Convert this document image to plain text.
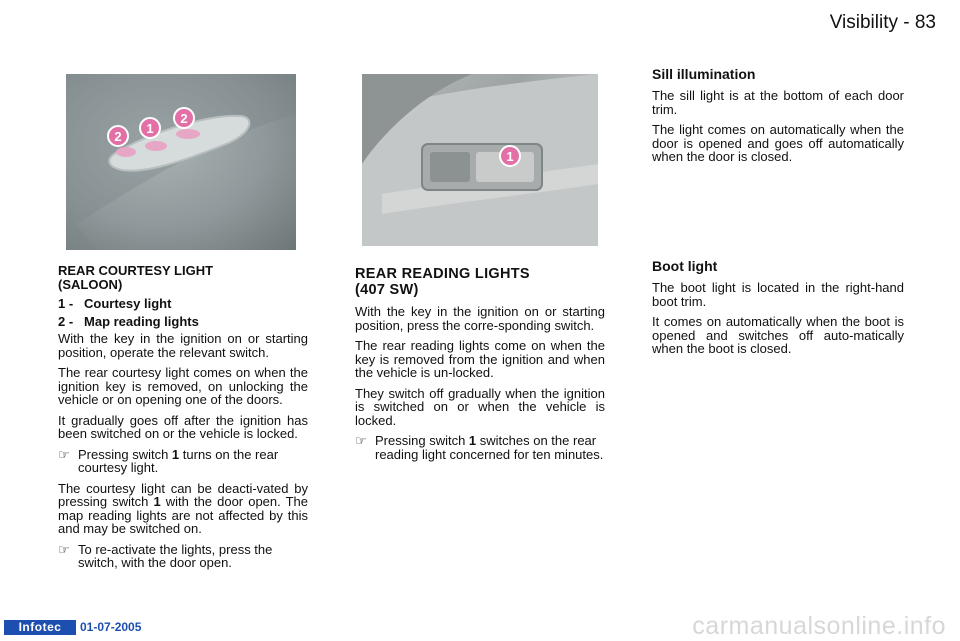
Visibility - 83
2
1
2
1

REAR COURTESY LIGHT
(SALOON)

1 -   Courtesy light

2 -   Map reading lights

With the key in the ignition on or starting position, operate the relevant switch.

The rear courtesy light comes on when the ignition key is removed, on unlocking the vehicle or on opening one of the doors.

It gradually goes off after the ignition has been switched on or the vehicle is locked.

☞ Pressing switch 1 turns on the rear courtesy light.

The courtesy light can be deacti-vated by pressing switch 1 with the door open. The map reading lights are not affected by this and may be switched on.

☞ To re-activate the lights, press the switch, with the door open.

REAR READING LIGHTS
(407 SW)

With the key in the ignition on or starting position, press the corre-sponding switch.

The rear reading lights come on when the key is removed from the ignition and when the vehicle is un-locked.

They switch off gradually when the ignition is switched on or when the vehicle is locked.

☞ Pressing switch 1 switches on the rear reading light concerned for ten minutes.

Sill illumination

The sill light is at the bottom of each door trim.

The light comes on automatically when the door is opened and goes off automatically when the door is closed.

Boot light

The boot light is located in the right-hand boot trim.

It comes on automatically when the boot is opened and switches off auto-matically when the boot is closed.

Infotec	01-07-2005	carmanualsonline.info
